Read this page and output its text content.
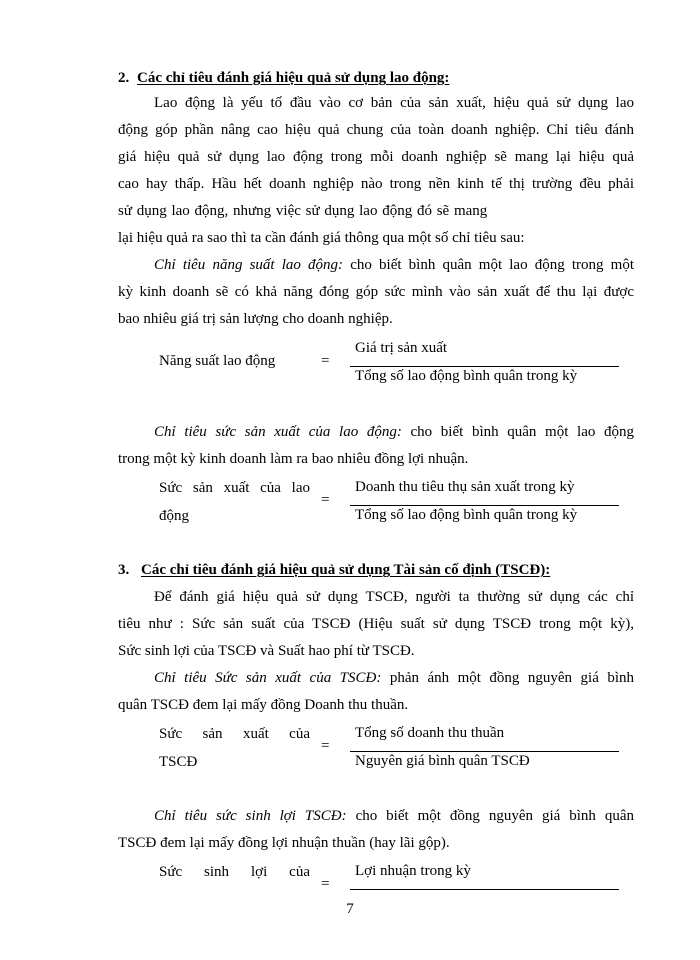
2. Các chỉ tiêu đánh giá hiệu quả sử dụng lao động:
Lao động là yếu tố đầu vào cơ bản của sản xuất, hiệu quả sử dụng lao
động góp phần nâng cao hiệu quả chung của toàn doanh nghiệp. Chỉ tiêu đánh
giá hiệu quả sử dụng lao động trong mỗi doanh nghiệp sẽ mang lại hiệu quả
cao hay thấp. Hầu hết doanh nghiệp nào trong nền kinh tế thị trường đều phải
sử dụng lao động, nhưng việc sử dụng lao động đó sẽ mang
lại hiệu quả ra sao thì ta cần đánh giá thông qua một số chỉ tiêu sau:
Chỉ tiêu năng suất lao động: cho biết bình quân một lao động trong một
kỳ kinh doanh sẽ có khả năng đóng góp sức mình vào sản xuất để thu lại được
bao nhiêu giá trị sản lượng cho doanh nghiệp.
Năng suất lao động	=
Giá trị sản xuất
Tổng số lao động bình quân trong kỳ
Chỉ tiêu sức sản xuất của lao động: cho biết bình quân một lao động
trong một kỳ kinh doanh làm ra bao nhiêu đồng lợi nhuận.
Sức sản xuất của lao
động
=
Doanh thu tiêu thụ sản xuất trong kỳ
Tổng số lao động bình quân trong kỳ
3. Các chỉ tiêu đánh giá hiệu quả sử dụng Tài sản cố định (TSCĐ):
Để đánh giá hiệu quả sử dụng TSCĐ, người ta thường sử dụng các chỉ
tiêu như : Sức sản suất của TSCĐ (Hiệu suất sử dụng TSCĐ trong một kỳ),
Sức sinh lợi của TSCĐ và Suất hao phí từ TSCĐ.
Chỉ tiêu Sức sản xuất của TSCĐ: phản ánh một đồng nguyên giá bình
quân TSCĐ đem lại mấy đồng Doanh thu thuần.
Sức sản xuất của
TSCĐ
=
Tổng số doanh thu thuần
Nguyên giá bình quân TSCĐ
Chỉ tiêu sức sinh lợi TSCĐ: cho biết một đồng nguyên giá bình quân
TSCĐ đem lại mấy đồng lợi nhuận thuần (hay lãi gộp).
Sức sinh lợi của
=
Lợi nhuận trong kỳ
7
